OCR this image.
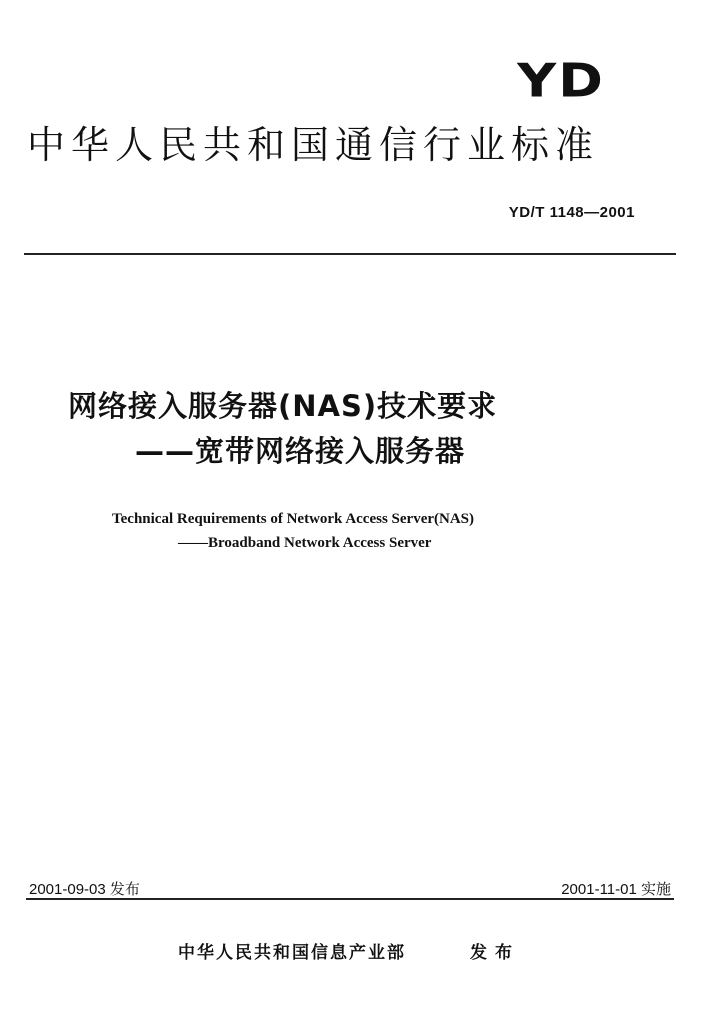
YD
中华人民共和国通信行业标准
YD/T 1148—2001
网络接入服务器(NAS)技术要求
——宽带网络接入服务器
Technical Requirements of Network Access Server(NAS)
——Broadband Network Access Server
2001-09-03 发布	2001-11-01 实施
中华人民共和国信息产业部	发布
